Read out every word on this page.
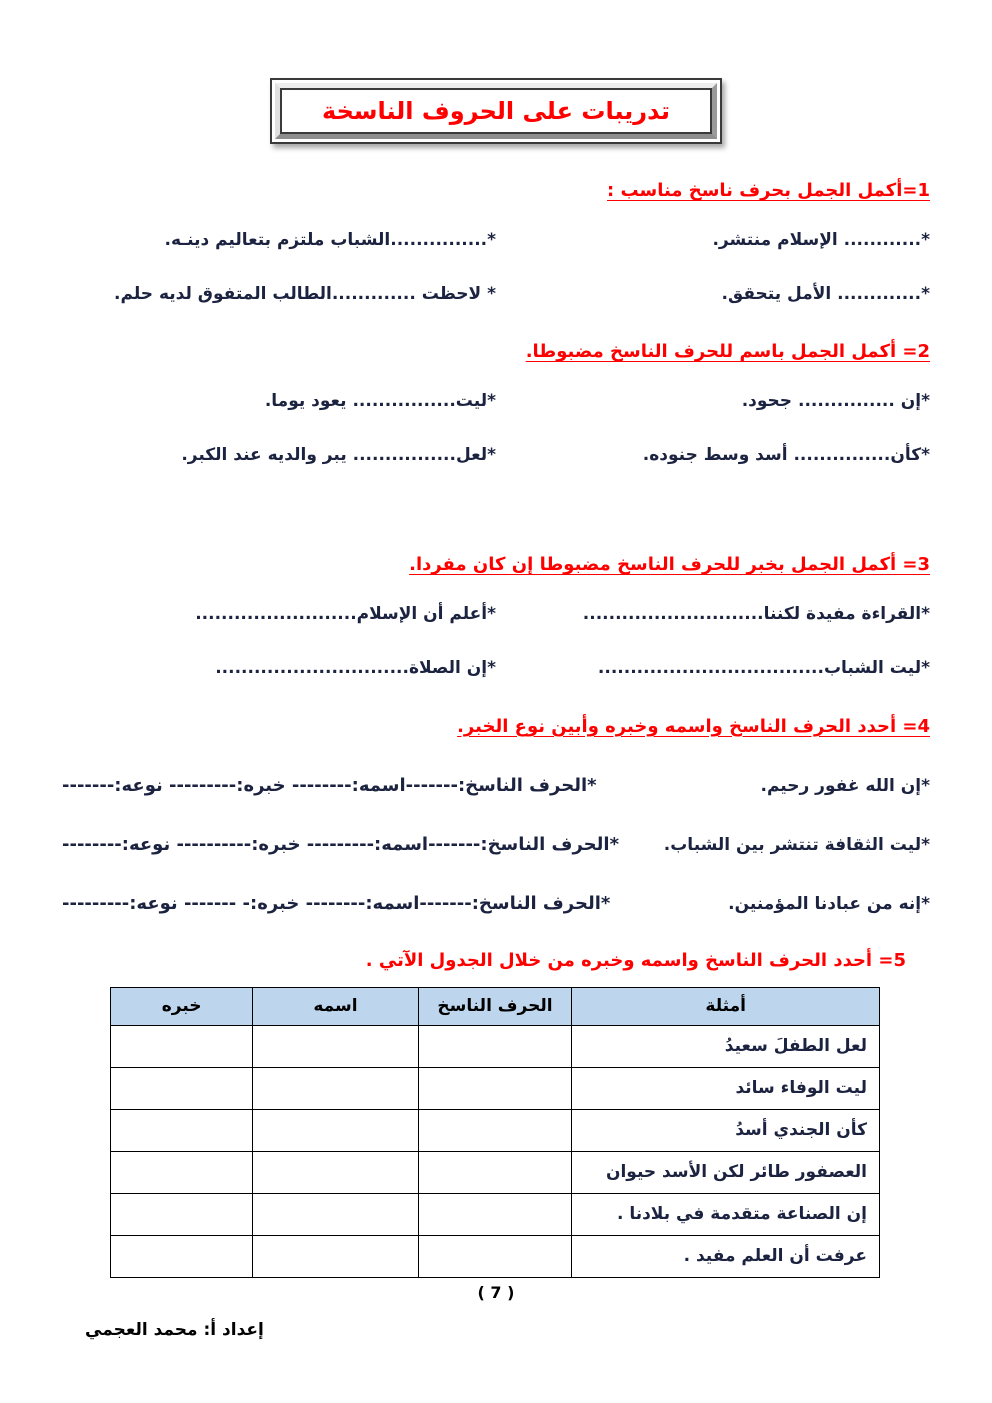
تدريبات على الحروف الناسخة
1=أكمل الجمل بحرف ناسخ مناسب :

*............ الإسلام منتشر.

*...............الشباب ملتزم بتعاليم دينـه.

*............. الأمل يتحقق.

* لاحظت .............الطالب المتفوق لديه حلم.

2= أكمل الجمل باسم للحرف الناسخ مضبوطا.

*إن ............... جحود.

*ليت................ يعود يوما.

*كأن............... أسد وسط جنوده.

*لعل................ يبر والديه عند الكبر.

3= أكمل الجمل بخبر للحرف الناسخ مضبوطا إن كان مفردا.

*القراءة مفيدة لكننا............................

*أعلم أن الإسلام.........................

*ليت الشباب...................................

*إن الصلاة..............................

4= أحدد الحرف الناسخ واسمه وخبره وأبين نوع الخبر.
*إن الله غفور رحيم.
*الحرف الناسخ:-------اسمه:-------- خبره:--------- نوعه:-------
*ليت الثقافة تنتشر بين الشباب.
*الحرف الناسخ:-------اسمه:--------- خبره:---------- نوعه:--------
*إنه من عبادنا المؤمنين.
*الحرف الناسخ:-------اسمه:-------- خبره:- ------- نوعه:---------
5= أحدد الحرف الناسخ واسمه وخبره من خلال الجدول الآتي .
أمثلة	الحرف الناسخ	اسمه	خبره
لعل الطفلَ سعيدُ			
ليت الوفاء سائد			
كأن الجندي أسدُ			
العصفور طائر لكن الأسد حيوان			
إن الصناعة متقدمة في بلادنا .			
عرفت أن العلم مفيد .			
( 7 )
إعداد أ: محمد العجمي
